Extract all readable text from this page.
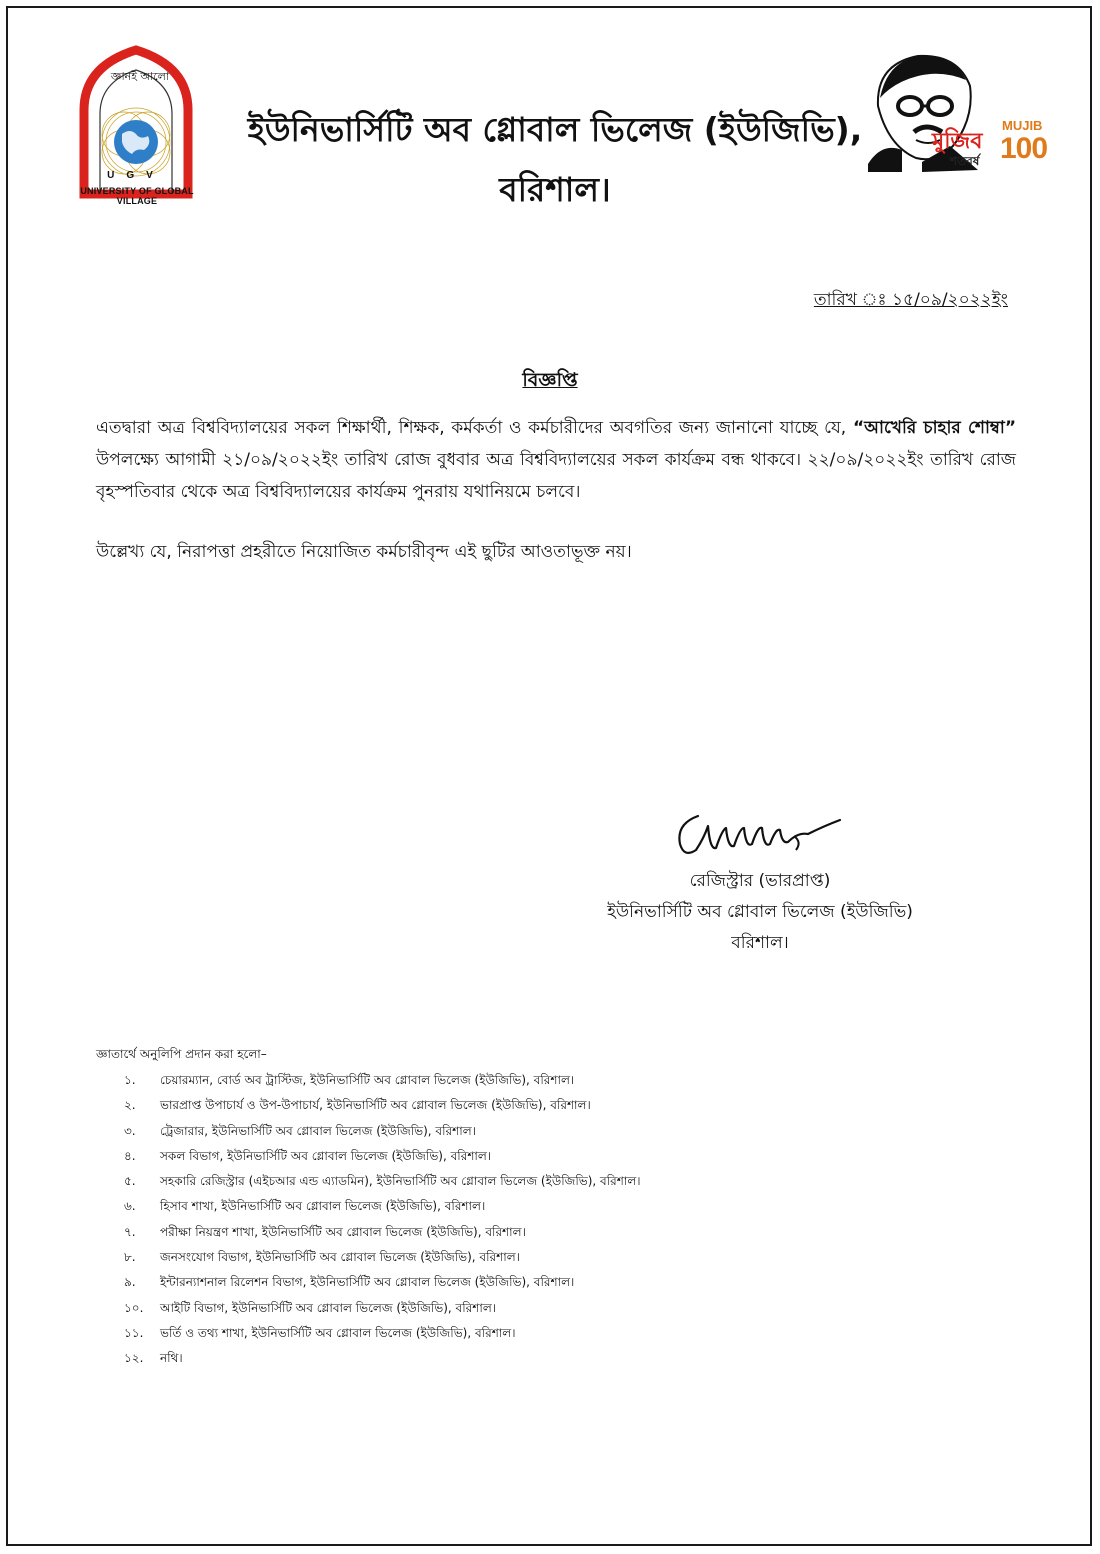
জ্ঞানই আলো
UGV
UNIVERSITY OF GLOBAL VILLAGE
মুজিব
MUJIB
100
শতবর্ষ
ইউনিভার্সিটি অব গ্লোবাল ভিলেজ (ইউজিভি),
বরিশাল।
তারিখ ঃ ১৫/০৯/২০২২ইং
বিজ্ঞপ্তি
এতদ্বারা অত্র বিশ্ববিদ্যালয়ের সকল শিক্ষার্থী, শিক্ষক, কর্মকর্তা ও কর্মচারীদের অবগতির জন্য জানানো যাচ্ছে যে, “আখেরি চাহার শোম্বা” উপলক্ষ্যে আগামী ২১/০৯/২০২২ইং তারিখ রোজ বুধবার অত্র বিশ্ববিদ্যালয়ের সকল কার্যক্রম বন্ধ থাকবে। ২২/০৯/২০২২ইং তারিখ রোজ বৃহস্পতিবার থেকে অত্র বিশ্ববিদ্যালয়ের কার্যক্রম পুনরায় যথানিয়মে চলবে।
উল্লেখ্য যে, নিরাপত্তা প্রহরীতে নিয়োজিত কর্মচারীবৃন্দ এই ছুটির আওতাভূক্ত নয়।
রেজিস্ট্রার (ভারপ্রাপ্ত)
ইউনিভার্সিটি অব গ্লোবাল ভিলেজ (ইউজিভি)
বরিশাল।
জ্ঞাতার্থে অনুলিপি প্রদান করা হলো–
১. চেয়ারম্যান, বোর্ড অব ট্রাস্টিজ, ইউনিভার্সিটি অব গ্লোবাল ভিলেজ (ইউজিভি), বরিশাল।
২. ভারপ্রাপ্ত উপাচার্য ও উপ-উপাচার্য, ইউনিভার্সিটি অব গ্লোবাল ভিলেজ (ইউজিভি), বরিশাল।
৩. ট্রেজারার, ইউনিভার্সিটি অব গ্লোবাল ভিলেজ (ইউজিভি), বরিশাল।
৪. সকল বিভাগ, ইউনিভার্সিটি অব গ্লোবাল ভিলেজ (ইউজিভি), বরিশাল।
৫. সহকারি রেজিস্ট্রার (এইচআর এন্ড এ্যাডমিন), ইউনিভার্সিটি অব গ্লোবাল ভিলেজ (ইউজিভি), বরিশাল।
৬. হিসাব শাখা, ইউনিভার্সিটি অব গ্লোবাল ভিলেজ (ইউজিভি), বরিশাল।
৭. পরীক্ষা নিয়ন্ত্রণ শাখা, ইউনিভার্সিটি অব গ্লোবাল ভিলেজ (ইউজিভি), বরিশাল।
৮. জনসংযোগ বিভাগ, ইউনিভার্সিটি অব গ্লোবাল ভিলেজ (ইউজিভি), বরিশাল।
৯. ইন্টারন্যাশনাল রিলেশন বিভাগ, ইউনিভার্সিটি অব গ্লোবাল ভিলেজ (ইউজিভি), বরিশাল।
১০. আইটি বিভাগ, ইউনিভার্সিটি অব গ্লোবাল ভিলেজ (ইউজিভি), বরিশাল।
১১. ভর্তি ও তথ্য শাখা, ইউনিভার্সিটি অব গ্লোবাল ভিলেজ (ইউজিভি), বরিশাল।
১২. নথি।
